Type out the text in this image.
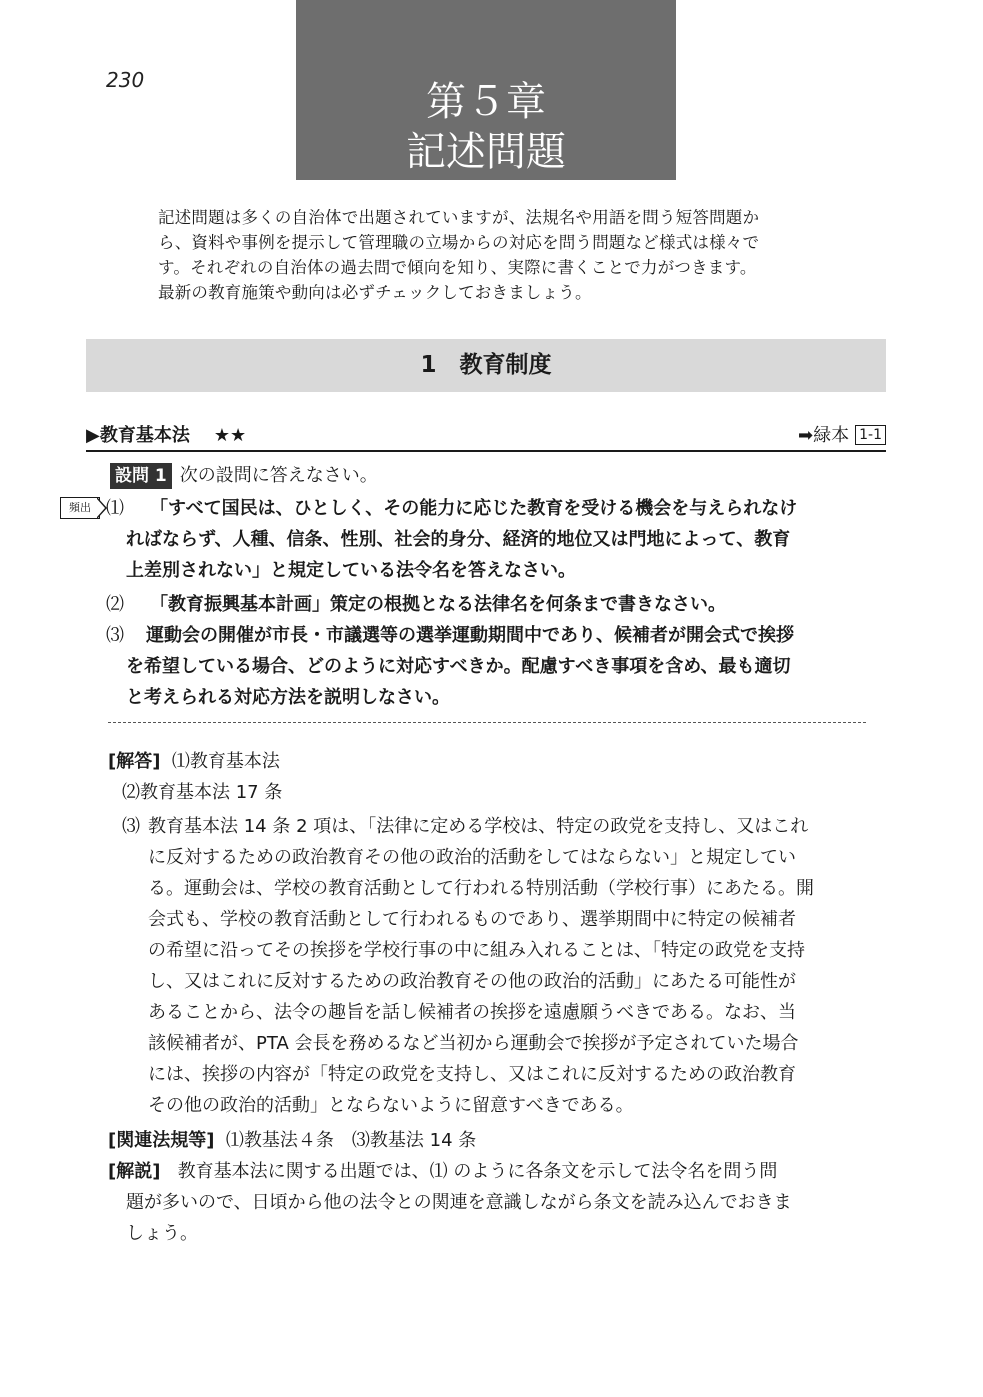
230	第５章
記述問題
記述問題は多くの自治体で出題されていますが、法規名や用語を問う短答問題か
ら、資料や事例を提示して管理職の立場からの対応を問う問題など様式は様々で
す。それぞれの自治体の過去問で傾向を知り、実際に書くことで力がつきます。
最新の教育施策や動向は必ずチェックしておきましょう。
1　教育制度
▶教育基本法 ★★	➡緑本 1-1
設問 1 次の設問に答えなさい。
頻出 ⑴ 「すべて国民は、ひとしく、その能力に応じた教育を受ける機会を与えられなけ
ればならず、人種、信条、性別、社会的身分、経済的地位又は門地によって、教育
上差別されない」と規定している法令名を答えなさい。
⑵ 「教育振興基本計画」策定の根拠となる法律名を何条まで書きなさい。
⑶ 運動会の開催が市長・市議選等の選挙運動期間中であり、候補者が開会式で挨拶
を希望している場合、どのように対応すべきか。配慮すべき事項を含め、最も適切
と考えられる対応方法を説明しなさい。
[解答] ⑴教育基本法
⑵教育基本法 17 条
⑶ 教育基本法 14 条 2 項は、「法律に定める学校は、特定の政党を支持し、又はこれ
に反対するための政治教育その他の政治的活動をしてはならない」と規定してい
る。運動会は、学校の教育活動として行われる特別活動（学校行事）にあたる。開
会式も、学校の教育活動として行われるものであり、選挙期間中に特定の候補者
の希望に沿ってその挨拶を学校行事の中に組み入れることは、「特定の政党を支持
し、又はこれに反対するための政治教育その他の政治的活動」にあたる可能性が
あることから、法令の趣旨を話し候補者の挨拶を遠慮願うべきである。なお、当
該候補者が、PTA 会長を務めるなど当初から運動会で挨拶が予定されていた場合
には、挨拶の内容が「特定の政党を支持し、又はこれに反対するための政治教育
その他の政治的活動」とならないように留意すべきである。
[関連法規等] ⑴教基法４条　⑶教基法 14 条
[解説] 教育基本法に関する出題では、⑴ のように各条文を示して法令名を問う問
題が多いので、日頃から他の法令との関連を意識しながら条文を読み込んでおきま
しょう。
